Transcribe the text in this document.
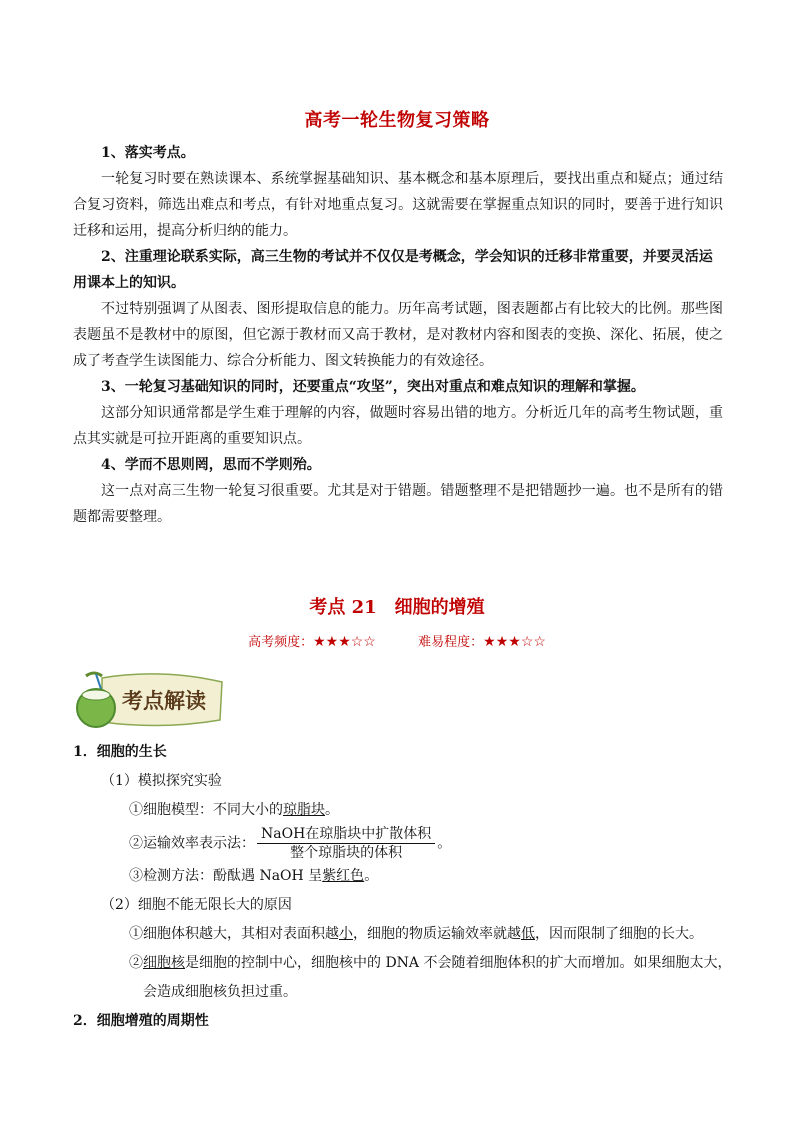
高考一轮生物复习策略
1、落实考点。
一轮复习时要在熟读课本、系统掌握基础知识、基本概念和基本原理后，要找出重点和疑点；通过结合复习资料，筛选出难点和考点，有针对地重点复习。这就需要在掌握重点知识的同时，要善于进行知识迁移和运用，提高分析归纳的能力。
2、注重理论联系实际，高三生物的考试并不仅仅是考概念，学会知识的迁移非常重要，并要灵活运用课本上的知识。
不过特别强调了从图表、图形提取信息的能力。历年高考试题，图表题都占有比较大的比例。那些图表题虽不是教材中的原图，但它源于教材而又高于教材，是对教材内容和图表的变换、深化、拓展，使之成了考查学生读图能力、综合分析能力、图文转换能力的有效途径。
3、一轮复习基础知识的同时，还要重点“攻坚”，突出对重点和难点知识的理解和掌握。
这部分知识通常都是学生难于理解的内容，做题时容易出错的地方。分析近几年的高考生物试题，重点其实就是可拉开距离的重要知识点。
4、学而不思则罔，思而不学则殆。
这一点对高三生物一轮复习很重要。尤其是对于错题。错题整理不是把错题抄一遍。也不是所有的错题都需要整理。
考点 21　细胞的增殖
高考频度：★★★☆☆	难易程度：★★★☆☆
考点解读
1．细胞的生长
（1）模拟探究实验
①细胞模型：不同大小的琼脂块。
②运输效率表示法： $\frac{\text{NaOH在琼脂块中扩散体积}}{\text{整个琼脂块的体积}}$ 。
③检测方法：酚酞遇 NaOH 呈紫红色。
（2）细胞不能无限长大的原因
①细胞体积越大，其相对表面积越小，细胞的物质运输效率就越低，因而限制了细胞的长大。
②细胞核是细胞的控制中心，细胞核中的 DNA 不会随着细胞体积的扩大而增加。如果细胞太大，
会造成细胞核负担过重。
2．细胞增殖的周期性
